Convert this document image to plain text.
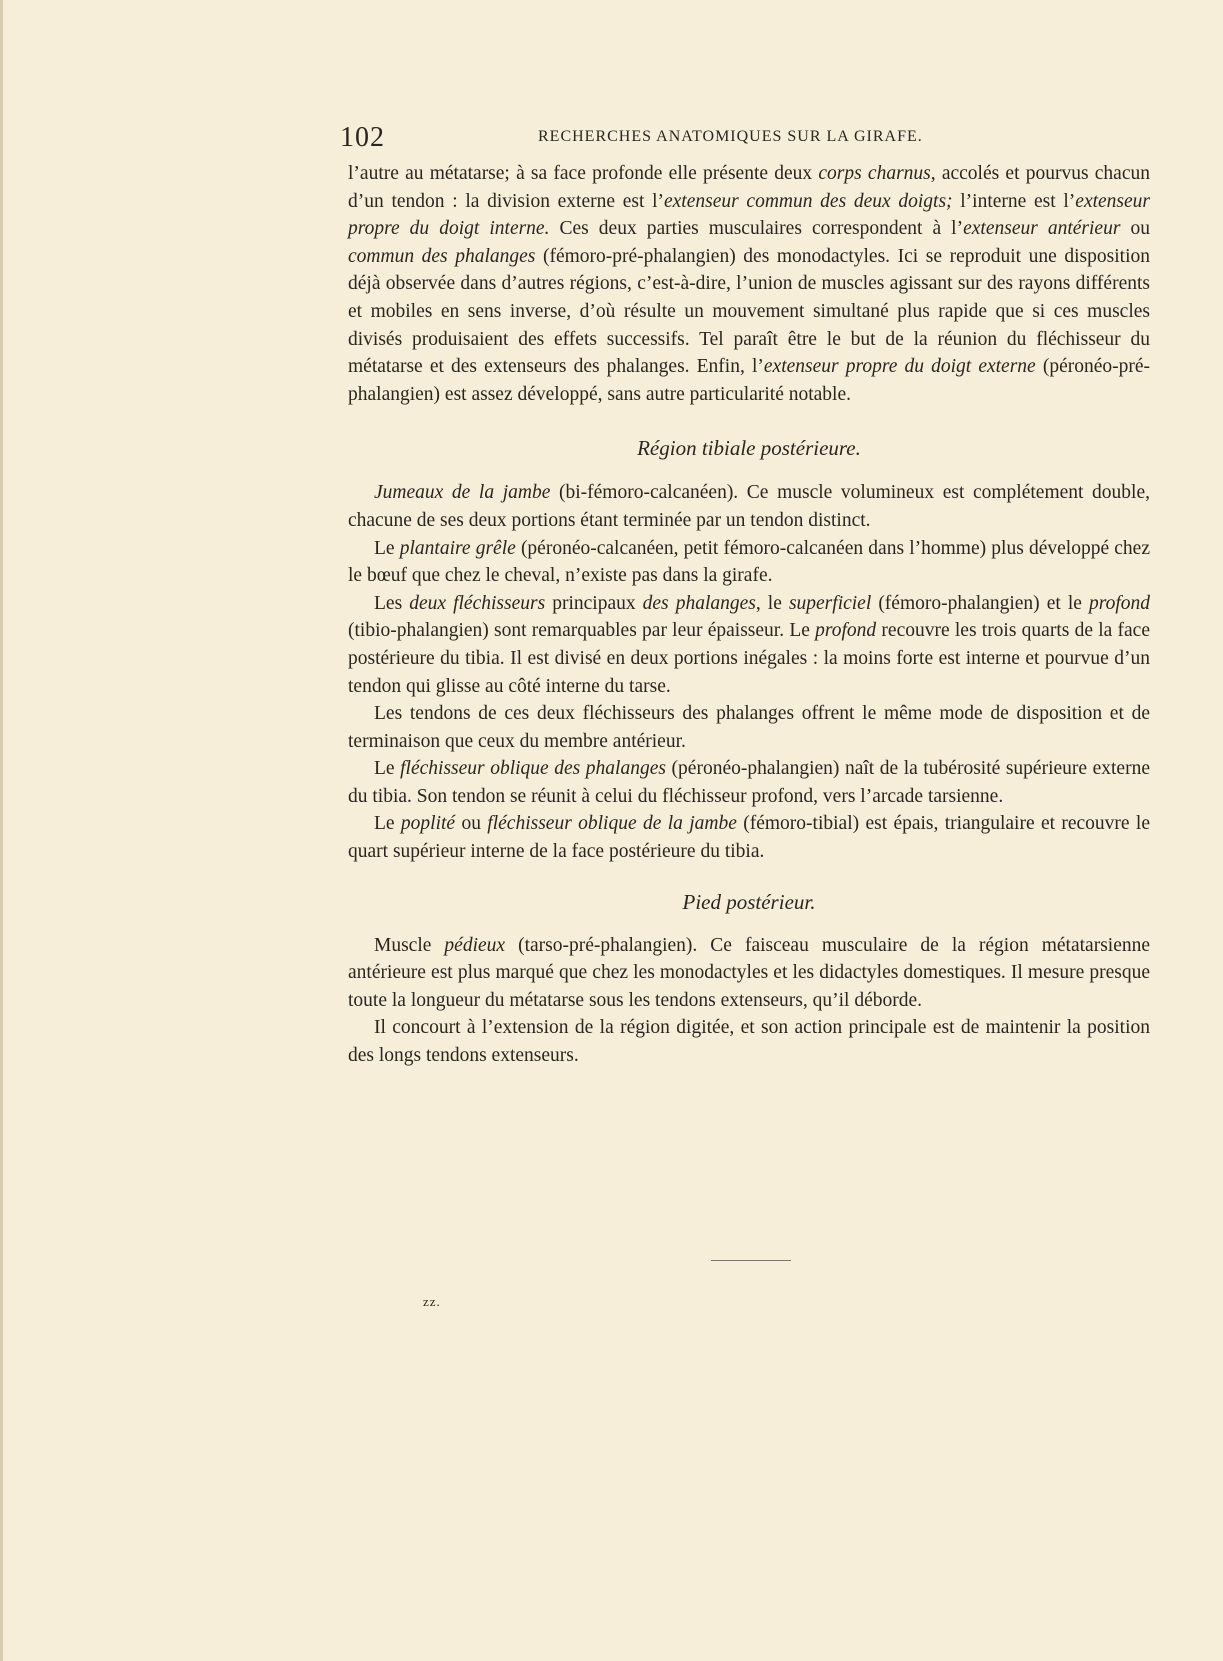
102	RECHERCHES ANATOMIQUES SUR LA GIRAFE.

l’autre au métatarse; à sa face profonde elle présente deux corps charnus, accolés et pourvus chacun d’un tendon : la division externe est l’extenseur commun des deux doigts; l’interne est l’extenseur propre du doigt interne. Ces deux parties musculaires correspondent à l’extenseur antérieur ou commun des phalanges (fémoro-pré-phalangien) des monodactyles. Ici se reproduit une disposition déjà observée dans d’autres régions, c’est-à-dire, l’union de muscles agissant sur des rayons différents et mobiles en sens inverse, d’où résulte un mouvement simultané plus rapide que si ces muscles divisés produisaient des effets successifs. Tel paraît être le but de la réunion du fléchisseur du métatarse et des extenseurs des phalanges. Enfin, l’extenseur propre du doigt externe (péronéo-pré-phalangien) est assez développé, sans autre particularité notable.

Région tibiale postérieure.

Jumeaux de la jambe (bi-fémoro-calcanéen). Ce muscle volumineux est complétement double, chacune de ses deux portions étant terminée par un tendon distinct.

Le plantaire grêle (péronéo-calcanéen, petit fémoro-calcanéen dans l’homme) plus développé chez le bœuf que chez le cheval, n’existe pas dans la girafe.

Les deux fléchisseurs principaux des phalanges, le superficiel (fémoro-phalangien) et le profond (tibio-phalangien) sont remarquables par leur épaisseur. Le profond recouvre les trois quarts de la face postérieure du tibia. Il est divisé en deux portions inégales : la moins forte est interne et pourvue d’un tendon qui glisse au côté interne du tarse.

Les tendons de ces deux fléchisseurs des phalanges offrent le même mode de disposition et de terminaison que ceux du membre antérieur.

Le fléchisseur oblique des phalanges (péronéo-phalangien) naît de la tubérosité supérieure externe du tibia. Son tendon se réunit à celui du fléchisseur profond, vers l’arcade tarsienne.

Le poplité ou fléchisseur oblique de la jambe (fémoro-tibial) est épais, triangulaire et recouvre le quart supérieur interne de la face postérieure du tibia.

Pied postérieur.

Muscle pédieux (tarso-pré-phalangien). Ce faisceau musculaire de la région métatarsienne antérieure est plus marqué que chez les monodactyles et les didactyles domestiques. Il mesure presque toute la longueur du métatarse sous les tendons extenseurs, qu’il déborde.

Il concourt à l’extension de la région digitée, et son action principale est de maintenir la position des longs tendons extenseurs.

zz.
